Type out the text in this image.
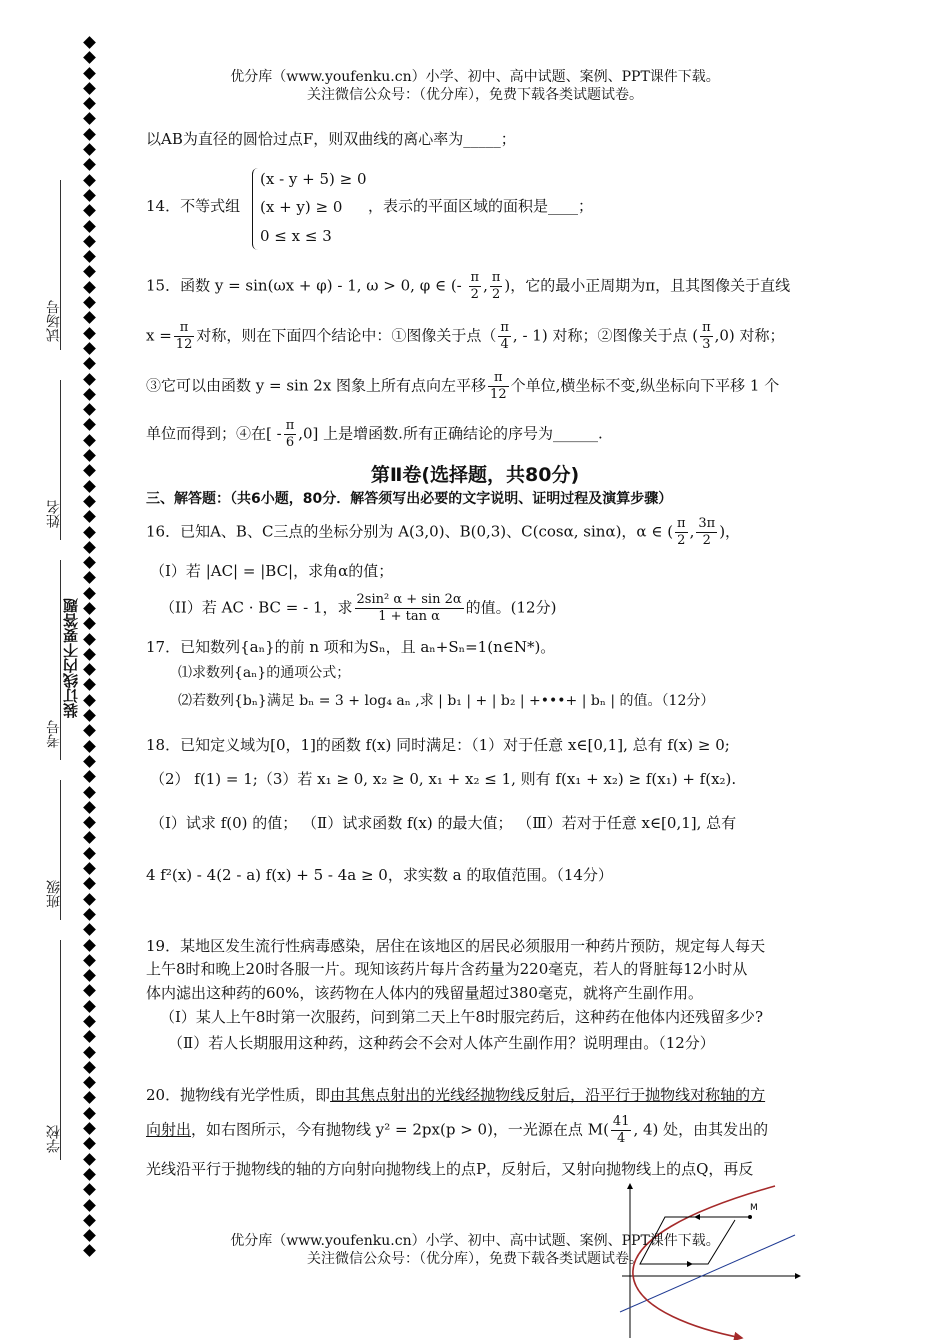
试场号
姓名
装订线内不要答题
考号
班级
学校
优分库（www.youfenku.cn）小学、初中、高中试题、案例、PPT课件下载。
关注微信公众号：（优分库），免费下载各类试题试卷。
以AB为直径的圆恰过点F，则双曲线的离心率为_____；
14．不等式组
(x - y + 5) ≥ 0
(x + y) ≥ 0
0 ≤ x ≤ 3
，表示的平面区域的面积是____；
15．函数 y = sin(ωx + φ) - 1, ω > 0, φ ∈ (- $\frac{\pi}{2}$ , $\frac{\pi}{2}$ )，它的最小正周期为π，且其图像关于直线
$x = \frac{\pi}{12}$ 对称，则在下面四个结论中：①图像关于点（ $\frac{\pi}{4}$ , - 1) 对称；②图像关于点 ( $\frac{\pi}{3} ,0$) 对称；
③它可以由函数 y = sin 2x 图象上所有点向左平移 $\frac{\pi}{12}$ 个单位,横坐标不变,纵坐标向下平移 1 个
单位而得到；④在[ - $\frac{\pi}{6} ,0$] 上是增函数.所有正确结论的序号为______.
第Ⅱ卷(选择题，共80分)
三、解答题：（共6小题，80分．解答须写出必要的文字说明、证明过程及演算步骤）
16．已知A、B、C三点的坐标分别为 A(3,0)、B(0,3)、C(cosα, sinα)，α ∈ ( $\frac{\pi}{2}$ , $\frac{3\pi}{2}$ )，
（I）若 |AC| = |BC|，求角α的值；
（II）若 AC · BC = - 1，求 $\frac{\text{2sin² α + sin 2α}}{\text{1 + tan α}}$ 的值。(12分)
17．已知数列{aₙ}的前 n 项和为Sₙ，且 aₙ+Sₙ=1(n∈N*)。
⑴求数列{aₙ}的通项公式；
⑵若数列{bₙ}满足 bₙ = 3 + log₄ aₙ ,求 | b₁ | + | b₂ | +•••+ | bₙ | 的值。（12分）
18．已知定义域为[0，1]的函数 f(x) 同时满足：（1）对于任意 x∈[0,1], 总有 f(x) ≥ 0;
（2） f(1) = 1;（3）若 x₁ ≥ 0, x₂ ≥ 0, x₁ + x₂ ≤ 1, 则有 f(x₁ + x₂) ≥ f(x₁) + f(x₂).
（Ⅰ）试求 f(0) 的值； （Ⅱ）试求函数 f(x) 的最大值； （Ⅲ）若对于任意 x∈[0,1], 总有
4 f²(x) - 4(2 - a) f(x) + 5 - 4a ≥ 0，求实数 a 的取值范围。（14分）
19．某地区发生流行性病毒感染，居住在该地区的居民必须服用一种药片预防，规定每人每天
上午8时和晚上20时各服一片。现知该药片每片含药量为220毫克，若人的肾脏每12小时从
体内滤出这种药的60%，该药物在人体内的残留量超过380毫克，就将产生副作用。
（Ⅰ）某人上午8时第一次服药，问到第二天上午8时服完药后，这种药在他体内还残留多少?
（Ⅱ）若人长期服用这种药，这种药会不会对人体产生副作用？说明理由。（12分）
20．抛物线有光学性质，即由其焦点射出的光线经抛物线反射后，沿平行于抛物线对称轴的方
向射出，如右图所示，今有抛物线 y² = 2px(p > 0)，一光源在点 $M( \frac{41}{4}$ , 4) 处，由其发出的
光线沿平行于抛物线的轴的方向射向抛物线上的点P，反射后，又射向抛物线上的点Q，再反
M
优分库（www.youfenku.cn）小学、初中、高中试题、案例、PPT课件下载。
关注微信公众号：（优分库），免费下载各类试题试卷。
